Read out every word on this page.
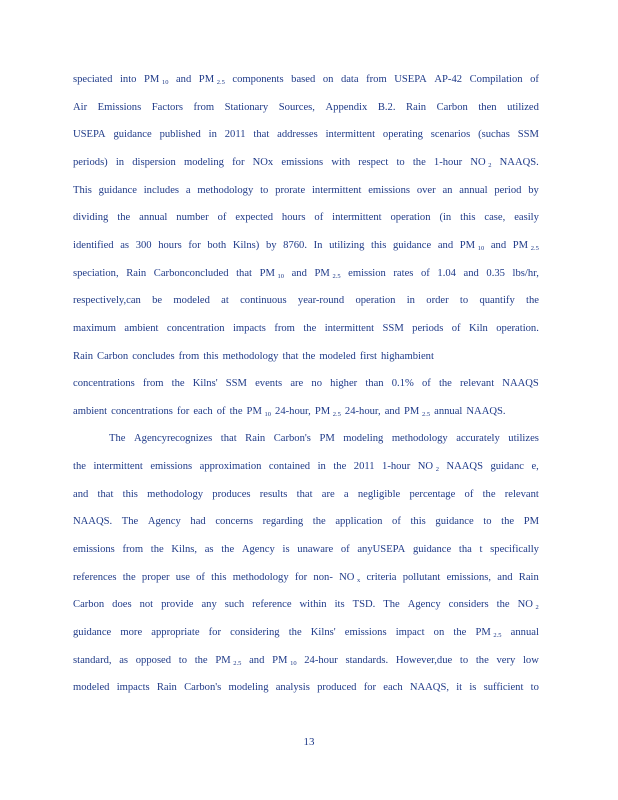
speciated into PM $_{10}$ and PM $_{2.5}$ components based on data from USEPA AP-42 Compilation of
Air Emissions Factors from Stationary Sources, Appendix B.2. Rain Carbon then utilized
USEPA guidance published in 2011 that addresses intermittent operating scenarios (suchas SSM
periods) in dispersion modeling for NOx emissions with respect to the 1-hour NO $_2$ NAAQS.
This guidance includes a methodology to prorate intermittent emissions over an annual period by
dividing the annual number of expected hours of intermittent operation (in this case, easily
identified as 300 hours for both Kilns) by 8760. In utilizing this guidance and PM $_{10}$ and PM $_{2.5}$
speciation, Rain Carbonconcluded that PM $_{10}$ and PM $_{2.5}$ emission rates of 1.04 and 0.35 lbs/hr,
respectively,can be modeled at continuous year-round operation in order to quantify the
maximum ambient concentration impacts from the intermittent SSM periods of Kiln operation.
Rain Carbon concludes from this methodology that the modeled first highambient
concentrations from the Kilns' SSM events are no higher than 0.1% of the relevant NAAQS
ambient concentrations for each of the PM $_{10}$ 24-hour, PM $_{2.5}$ 24-hour, and PM $_{2.5}$ annual NAAQS.
The Agencyrecognizes that Rain Carbon's PM modeling methodology accurately utilizes
the intermittent emissions approximation contained in the 2011 1-hour NO $_2$ NAAQS guidanc e,
and that this methodology produces results that are a negligible percentage of the relevant
NAAQS. The Agency had concerns regarding the application of this guidance to the PM
emissions from the Kilns, as the Agency is unaware of anyUSEPA guidance tha t specifically
references the proper use of this methodology for non- NO $_x$ criteria pollutant emissions, and Rain
Carbon does not provide any such reference within its TSD. The Agency considers the NO $_2$
guidance more appropriate for considering the Kilns' emissions impact on the PM $_{2.5}$ annual
standard, as opposed to the PM $_{2.5}$ and PM $_{10}$ 24-hour standards. However,due to the very low
modeled impacts Rain Carbon's modeling analysis produced for each NAAQS, it is sufficient to
13
